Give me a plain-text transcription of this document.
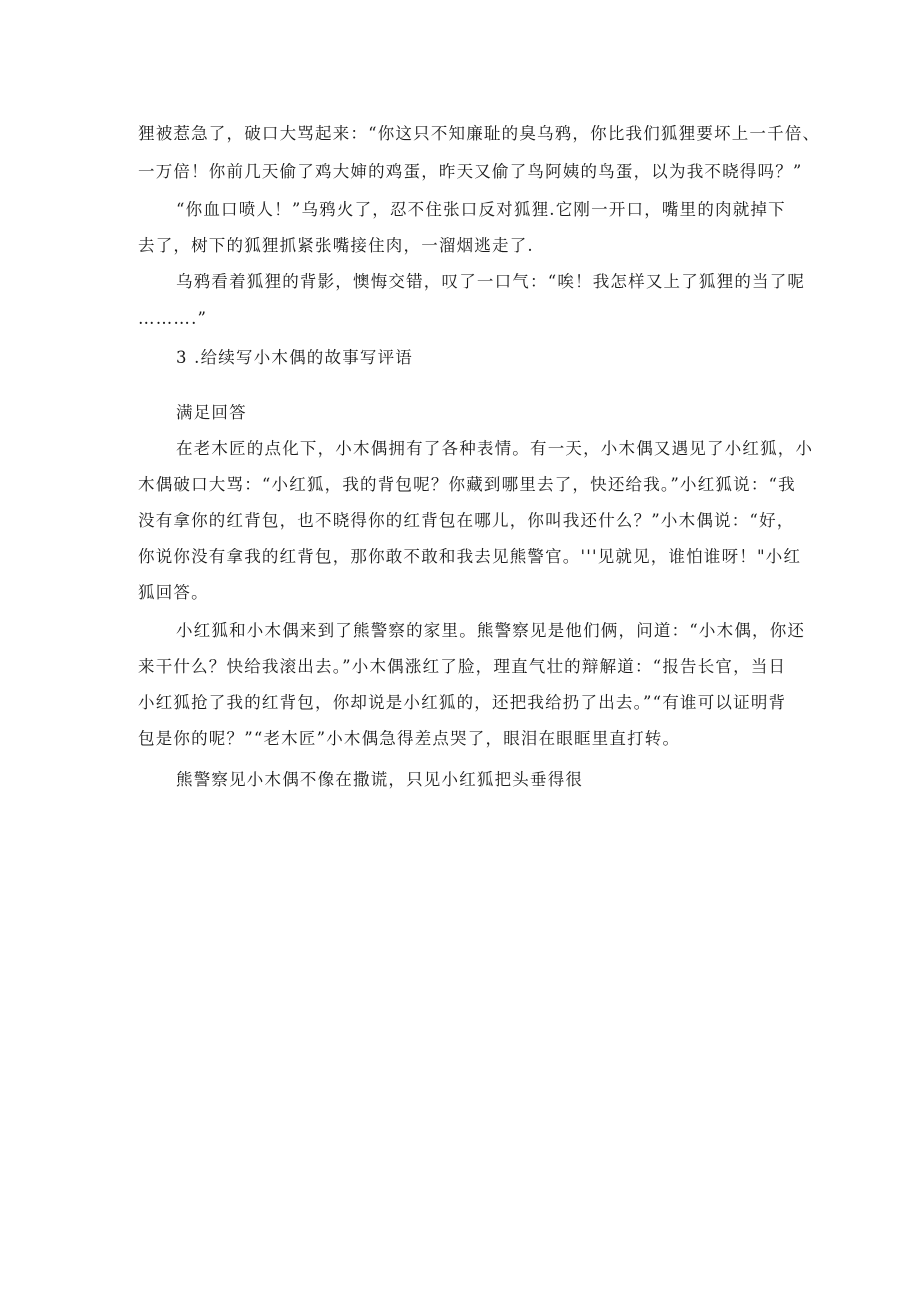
狸被惹急了，破口大骂起来：“你这只不知廉耻的臭乌鸦，你比我们狐狸要坏上一千倍、
一万倍！你前几天偷了鸡大婶的鸡蛋，昨天又偷了鸟阿姨的鸟蛋，以为我不晓得吗？”
“你血口喷人！”乌鸦火了，忍不住张口反对狐狸.它刚一开口，嘴里的肉就掉下
去了，树下的狐狸抓紧张嘴接住肉，一溜烟逃走了.
乌鸦看着狐狸的背影，懊悔交错，叹了一口气：“唉！我怎样又上了狐狸的当了呢
……….”
3 .给续写小木偶的故事写评语
满足回答
在老木匠的点化下，小木偶拥有了各种表情。有一天，小木偶又遇见了小红狐，小
木偶破口大骂：“小红狐，我的背包呢？你藏到哪里去了，快还给我。”小红狐说：“我
没有拿你的红背包，也不晓得你的红背包在哪儿，你叫我还什么？”小木偶说：“好，
你说你没有拿我的红背包，那你敢不敢和我去见熊警官。'''见就见，谁怕谁呀！"小红
狐回答。
小红狐和小木偶来到了熊警察的家里。熊警察见是他们俩，问道：“小木偶，你还
来干什么？快给我滚出去。”小木偶涨红了脸，理直气壮的辩解道：“报告长官，当日
小红狐抢了我的红背包，你却说是小红狐的，还把我给扔了出去。”“有谁可以证明背
包是你的呢？”“老木匠”小木偶急得差点哭了，眼泪在眼眶里直打转。
熊警察见小木偶不像在撒谎，只见小红狐把头垂得很
